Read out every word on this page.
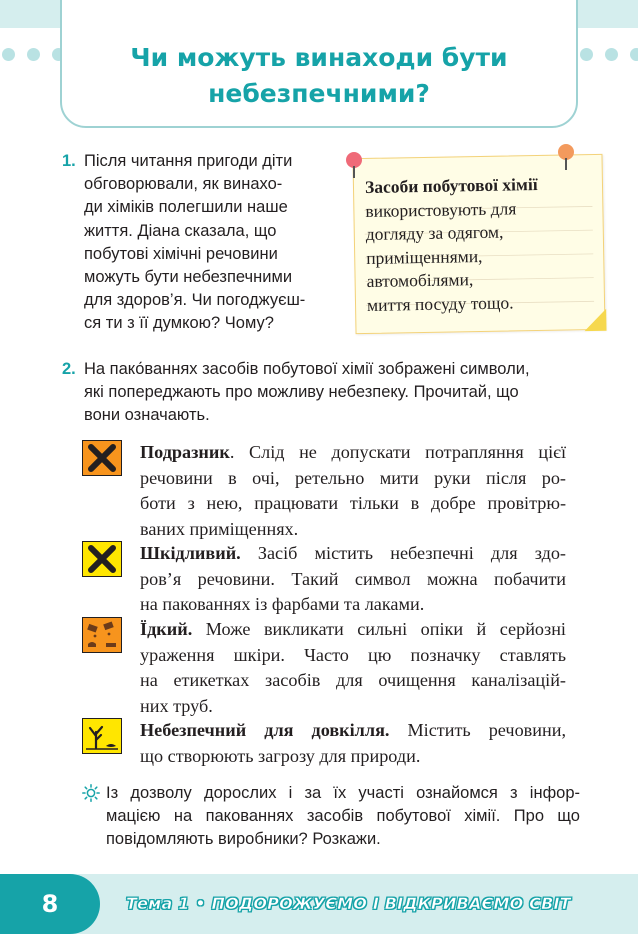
Чи можуть винаходи бути
небезпечними?
1. Після читання пригоди діти
обговорювали, як винахо-
ди хіміків полегшили наше
життя. Діана сказала, що
побутові хімічні речовини
можуть бути небезпечними
для здоров’я. Чи погоджуєш-
ся ти з її думкою? Чому?
Засоби побутової хімії
використовують для
догляду за одягом,
приміщеннями,
автомобілями,
миття посуду тощо.
2. На пако́ваннях засобів побутової хімії зображені символи,
які попереджають про можливу небезпеку. Прочитай, що
вони означають.
Подразник. Слід не допускати потрапляння цієї
речовини в очі, ретельно мити руки після ро-
боти з нею, працювати тільки в добре провітрю-
ваних приміщеннях.
Шкідливий. Засіб містить небезпечні для здо-
ров’я речовини. Такий символ можна побачити
на пакованнях із фарбами та лаками.
Їдкий. Може викликати сильні опіки й серйозні
ураження шкіри. Часто цю позначку ставлять
на етикетках засобів для очищення каналізацій-
них труб.
Небезпечний для довкілля. Містить речовини,
що створюють загрозу для природи.
Із дозволу дорослих і за їх участі ознайомся з інфор-
мацією на пакованнях засобів побутової хімії. Про що
повідомляють виробники? Розкажи.
8	Тема 1 • ПОДОРОЖУЄМО І ВІДКРИВАЄМО СВІТ
